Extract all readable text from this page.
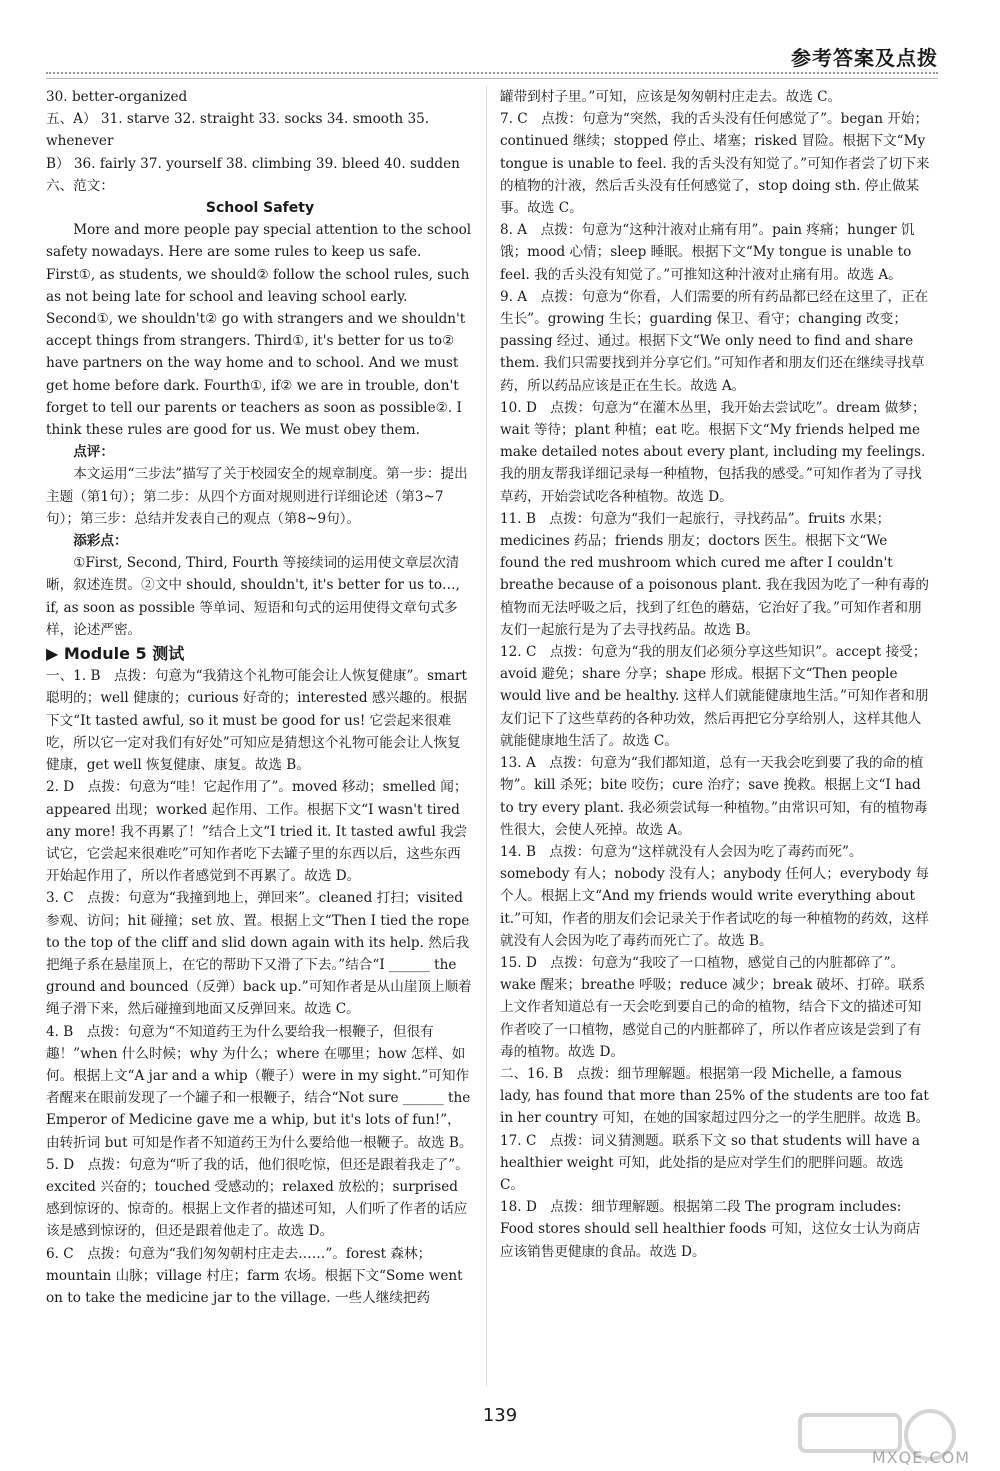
参考答案及点拨

30. better-organized

五、A） 31. starve 32. straight 33. socks 34. smooth 35. whenever

B） 36. fairly 37. yourself 38. climbing 39. bleed 40. sudden

六、范文：

School Safety

More and more people pay special attention to the school safety nowadays. Here are some rules to keep us safe. First①, as students, we should② follow the school rules, such as not being late for school and leaving school early. Second①, we shouldn't② go with strangers and we shouldn't accept things from strangers. Third①, it's better for us to② have partners on the way home and to school. And we must get home before dark. Fourth①, if② we are in trouble, don't forget to tell our parents or teachers as soon as possible②. I think these rules are good for us. We must obey them.

点评：

本文运用“三步法”描写了关于校园安全的规章制度。第一步：提出主题（第1句）；第二步：从四个方面对规则进行详细论述（第3~7句）；第三步：总结并发表自己的观点（第8~9句）。

添彩点：

①First, Second, Third, Fourth 等接续词的运用使文章层次清晰，叙述连贯。②文中 should, shouldn't, it's better for us to…, if, as soon as possible 等单词、短语和句式的运用使得文章句式多样，论述严密。

▶ Module 5 测试

一、1. B　点拨：句意为“我猜这个礼物可能会让人恢复健康”。smart 聪明的；well 健康的；curious 好奇的；interested 感兴趣的。根据下文“It tasted awful, so it must be good for us! 它尝起来很难吃，所以它一定对我们有好处”可知应是猜想这个礼物可能会让人恢复健康，get well 恢复健康、康复。故选 B。

2. D　点拨：句意为“哇！它起作用了”。moved 移动；smelled 闻；appeared 出现；worked 起作用、工作。根据下文“I wasn't tired any more! 我不再累了！”结合上文“I tried it. It tasted awful 我尝试它，它尝起来很难吃”可知作者吃下去罐子里的东西以后，这些东西开始起作用了，所以作者感觉到不再累了。故选 D。

3. C　点拨：句意为“我撞到地上，弹回来”。cleaned 打扫；visited 参观、访问；hit 碰撞；set 放、置。根据上文“Then I tied the rope to the top of the cliff and slid down again with its help. 然后我把绳子系在悬崖顶上，在它的帮助下又滑了下去。”结合“I ______ the ground and bounced（反弹）back up.”可知作者是从山崖顶上顺着绳子滑下来，然后碰撞到地面又反弹回来。故选 C。

4. B　点拨：句意为“不知道药王为什么要给我一根鞭子，但很有趣！”when 什么时候；why 为什么；where 在哪里；how 怎样、如何。根据上文“A jar and a whip（鞭子）were in my sight.”可知作者醒来在眼前发现了一个罐子和一根鞭子，结合“Not sure ______ the Emperor of Medicine gave me a whip, but it's lots of fun!”，由转折词 but 可知是作者不知道药王为什么要给他一根鞭子。故选 B。

5. D　点拨：句意为“听了我的话，他们很吃惊，但还是跟着我走了”。excited 兴奋的；touched 受感动的；relaxed 放松的；surprised 感到惊讶的、惊奇的。根据上文作者的描述可知，人们听了作者的话应该是感到惊讶的，但还是跟着他走了。故选 D。

6. C　点拨：句意为“我们匆匆朝村庄走去……”。forest 森林；mountain 山脉；village 村庄；farm 农场。根据下文“Some went on to take the medicine jar to the village. 一些人继续把药

罐带到村子里。”可知，应该是匆匆朝村庄走去。故选 C。

7. C　点拨：句意为“突然，我的舌头没有任何感觉了”。began 开始；continued 继续；stopped 停止、堵塞；risked 冒险。根据下文“My tongue is unable to feel. 我的舌头没有知觉了。”可知作者尝了切下来的植物的汁液，然后舌头没有任何感觉了，stop doing sth. 停止做某事。故选 C。

8. A　点拨：句意为“这种汁液对止痛有用”。pain 疼痛；hunger 饥饿；mood 心情；sleep 睡眠。根据下文“My tongue is unable to feel. 我的舌头没有知觉了。”可推知这种汁液对止痛有用。故选 A。

9. A　点拨：句意为“你看，人们需要的所有药品都已经在这里了，正在生长”。growing 生长；guarding 保卫、看守；changing 改变；passing 经过、通过。根据下文“We only need to find and share them. 我们只需要找到并分享它们。”可知作者和朋友们还在继续寻找草药，所以药品应该是正在生长。故选 A。

10. D　点拨：句意为“在灌木丛里，我开始去尝试吃”。dream 做梦；wait 等待；plant 种植；eat 吃。根据下文“My friends helped me make detailed notes about every plant, including my feelings. 我的朋友帮我详细记录每一种植物，包括我的感受。”可知作者为了寻找草药，开始尝试吃各种植物。故选 D。

11. B　点拨：句意为“我们一起旅行，寻找药品”。fruits 水果；medicines 药品；friends 朋友；doctors 医生。根据下文“We found the red mushroom which cured me after I couldn't breathe because of a poisonous plant. 我在我因为吃了一种有毒的植物而无法呼吸之后，找到了红色的蘑菇，它治好了我。”可知作者和朋友们一起旅行是为了去寻找药品。故选 B。

12. C　点拨：句意为“我的朋友们必须分享这些知识”。accept 接受；avoid 避免；share 分享；shape 形成。根据下文“Then people would live and be healthy. 这样人们就能健康地生活。”可知作者和朋友们记下了这些草药的各种功效，然后再把它分享给别人，这样其他人就能健康地生活了。故选 C。

13. A　点拨：句意为“我们都知道，总有一天我会吃到要了我的命的植物”。kill 杀死；bite 咬伤；cure 治疗；save 挽救。根据上文“I had to try every plant. 我必须尝试每一种植物。”由常识可知，有的植物毒性很大，会使人死掉。故选 A。

14. B　点拨：句意为“这样就没有人会因为吃了毒药而死”。somebody 有人；nobody 没有人；anybody 任何人；everybody 每个人。根据上文“And my friends would write everything about it.”可知，作者的朋友们会记录关于作者试吃的每一种植物的药效，这样就没有人会因为吃了毒药而死亡了。故选 B。

15. D　点拨：句意为“我咬了一口植物，感觉自己的内脏都碎了”。wake 醒来；breathe 呼吸；reduce 减少；break 破坏、打碎。联系上文作者知道总有一天会吃到要自己的命的植物，结合下文的描述可知作者咬了一口植物，感觉自己的内脏都碎了，所以作者应该是尝到了有毒的植物。故选 D。

二、16. B　点拨：细节理解题。根据第一段 Michelle, a famous lady, has found that more than 25% of the students are too fat in her country 可知，在她的国家超过四分之一的学生肥胖。故选 B。

17. C　点拨：词义猜测题。联系下文 so that students will have a healthier weight 可知，此处指的是应对学生们的肥胖问题。故选 C。

18. D　点拨：细节理解题。根据第二段 The program includes: Food stores should sell healthier foods 可知，这位女士认为商店应该销售更健康的食品。故选 D。

139
MXQE.COM
